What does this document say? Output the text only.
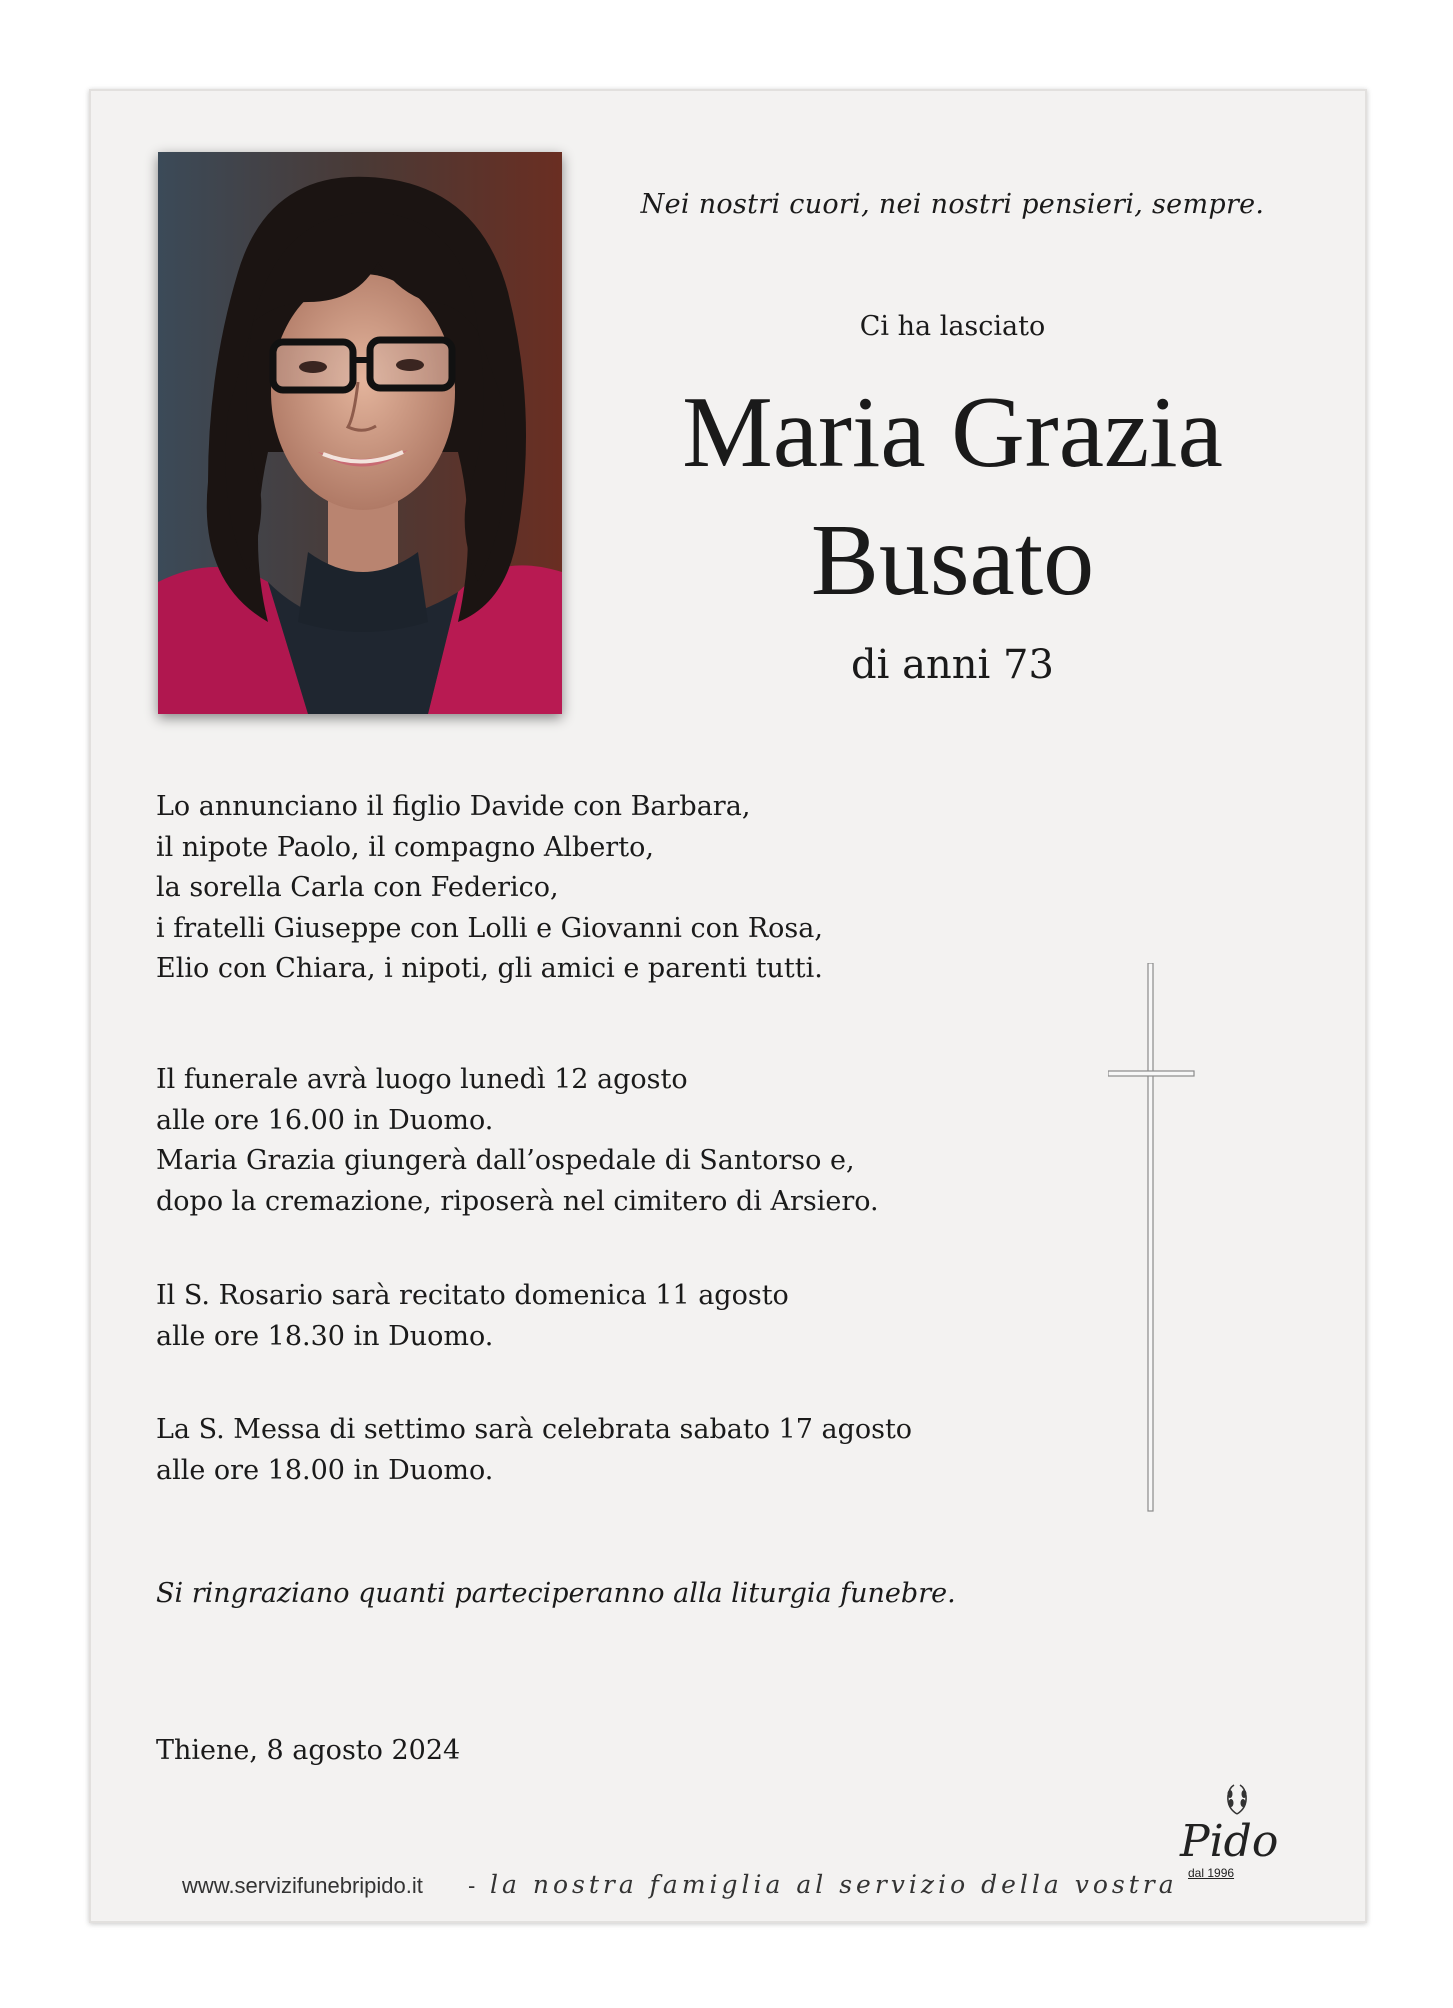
Nei nostri cuori, nei nostri pensieri, sempre.
Ci ha lasciato
Maria Grazia
Busato
di anni 73
Lo annunciano il figlio Davide con Barbara,
il nipote Paolo, il compagno Alberto,
la sorella Carla con Federico,
i fratelli Giuseppe con Lolli e Giovanni con Rosa,
Elio con Chiara, i nipoti, gli amici e parenti tutti.
Il funerale avrà luogo lunedì 12 agosto
alle ore 16.00 in Duomo.
Maria Grazia giungerà dall’ospedale di Santorso e,
dopo la cremazione, riposerà nel cimitero di Arsiero.
Il S. Rosario sarà recitato domenica 11 agosto
alle ore 18.30 in Duomo.
La S. Messa di settimo sarà celebrata sabato 17 agosto
alle ore 18.00 in Duomo.
Si ringraziano quanti parteciperanno alla liturgia funebre.
Thiene, 8 agosto 2024
www.servizifunebripido.it - la nostra famiglia al servizio della vostra
Pido
dal 1996
